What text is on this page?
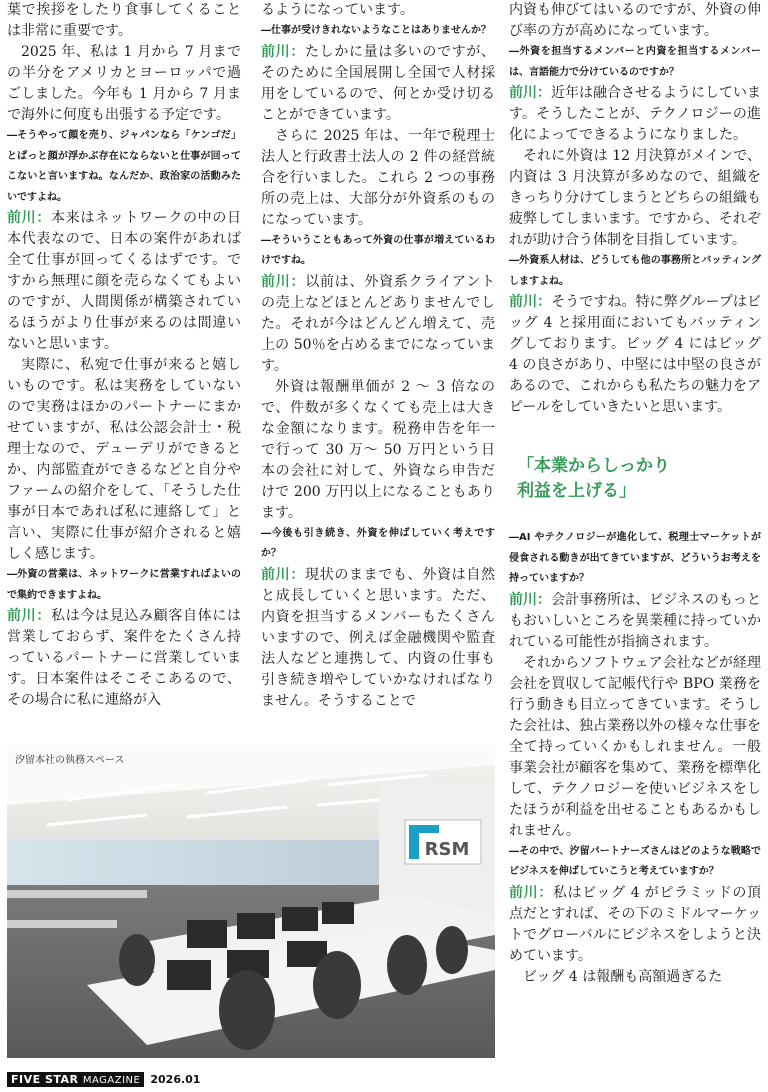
葉で挨拶をしたり食事してくることは非常に重要です。

2025 年、私は 1 月から 7 月までの半分をアメリカとヨーロッパで過ごしました。今年も 1 月から 7 月まで海外に何度も出張する予定です。

―そうやって顔を売り、ジャパンなら「ケンゴだ」とぱっと顔が浮かぶ存在にならないと仕事が回ってこないと言いますね。なんだか、政治家の活動みたいですよね。

前川：本来はネットワークの中の日本代表なので、日本の案件があれば全て仕事が回ってくるはずです。ですから無理に顔を売らなくてもよいのですが、人間関係が構築されているほうがより仕事が来るのは間違いないと思います。

実際に、私宛で仕事が来ると嬉しいものです。私は実務をしていないので実務はほかのパートナーにまかせていますが、私は公認会計士・税理士なので、デューデリができるとか、内部監査ができるなどと自分やファームの紹介をして、「そうした仕事が日本であれば私に連絡して」と言い、実際に仕事が紹介されると嬉しく感じます。

―外資の営業は、ネットワークに営業すればよいので集約できますよね。

前川：私は今は見込み顧客自体には営業しておらず、案件をたくさん持っているパートナーに営業しています。日本案件はそこそこあるので、その場合に私に連絡が入

るようになっています。

―仕事が受けきれないようなことはありませんか？

前川：たしかに量は多いのですが、そのために全国展開し全国で人材採用をしているので、何とか受け切ることができています。

さらに 2025 年は、一年で税理士法人と行政書士法人の 2 件の経営統合を行いました。これら 2 つの事務所の売上は、大部分が外資系のものになっています。

―そういうこともあって外資の仕事が増えているわけですね。

前川：以前は、外資系クライアントの売上などほとんどありませんでした。それが今はどんどん増えて、売上の 50％を占めるまでになっています。

外資は報酬単価が 2 〜 3 倍なので、件数が多くなくても売上は大きな金額になります。税務申告を年一で行って 30 万〜 50 万円という日本の会社に対して、外資なら申告だけで 200 万円以上になることもあります。

―今後も引き続き、外資を伸ばしていく考えですか？

前川：現状のままでも、外資は自然と成長していくと思います。ただ、内資を担当するメンバーもたくさんいますので、例えば金融機関や監査法人などと連携して、内資の仕事も引き続き増やしていかなければなりません。そうすることで

内資も伸びてはいるのですが、外資の伸び率の方が高めになっています。

―外資を担当するメンバーと内資を担当するメンバーは、言語能力で分けているのですか？

前川：近年は融合させるようにしています。そうしたことが、テクノロジーの進化によってできるようになりました。

それに外資は 12 月決算がメインで、内資は 3 月決算が多めなので、組織をきっちり分けてしまうとどちらの組織も疲弊してしまいます。ですから、それぞれが助け合う体制を目指しています。

―外資系人材は、どうしても他の事務所とバッティングしますよね。

前川：そうですね。特に弊グループはビッグ 4 と採用面においてもバッティングしております。ビッグ 4 にはビッグ 4 の良さがあり、中堅には中堅の良さがあるので、これからも私たちの魅力をアピールをしていきたいと思います。

「本業からしっかり
利益を上げる」

―AI やテクノロジーが進化して、税理士マーケットが侵食される動きが出てきていますが、どういうお考えを持っていますか？

前川：会計事務所は、ビジネスのもっともおいしいところを異業種に持っていかれている可能性が指摘されます。

それからソフトウェア会社などが経理会社を買収して記帳代行や BPO 業務を行う動きも目立ってきています。そうした会社は、独占業務以外の様々な仕事を全て持っていくかもしれません。一般事業会社が顧客を集めて、業務を標準化して、テクノロジーを使いビジネスをしたほうが利益を出せることもあるかもしれません。

―その中で、汐留パートナーズさんはどのような戦略でビジネスを伸ばしていこうと考えていますか？

前川：私はビッグ 4 がピラミッドの頂点だとすれば、その下のミドルマーケットでグローバルにビジネスをしようと決めています。

ビッグ 4 は報酬も高額過ぎるた

RSM
汐留本社の執務スペース
FIVE STAR MAGAZINE 2026.01
